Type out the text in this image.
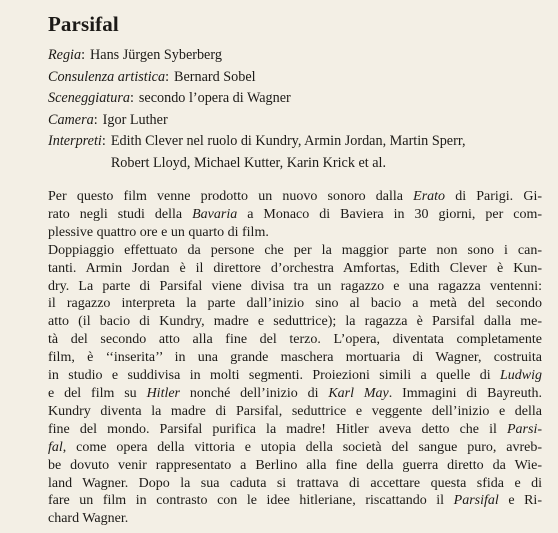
Parsifal
Regia : Hans Jürgen Syberberg
Consulenza artistica : Bernard Sobel
Sceneggiatura : secondo l’opera di Wagner
Camera : Igor Luther
Interpreti : Edith Clever nel ruolo di Kundry, Armin Jordan, Martin Sperr,
Robert Lloyd, Michael Kutter, Karin Krick et al.
Per questo film venne prodotto un nuovo sonoro dalla Erato di Parigi. Gi-
rato negli studi della Bavaria a Monaco di Baviera in 30 giorni, per com-
plessive quattro ore e un quarto di film.
Doppiaggio effettuato da persone che per la maggior parte non sono i can-
tanti. Armin Jordan è il direttore d’orchestra Amfortas, Edith Clever è Kun-
dry. La parte di Parsifal viene divisa tra un ragazzo e una ragazza ventenni:
il ragazzo interpreta la parte dall’inizio sino al bacio a metà del secondo
atto (il bacio di Kundry, madre e seduttrice); la ragazza è Parsifal dalla me-
tà del secondo atto alla fine del terzo. L’opera, diventata completamente
film, è ‘‘inserita’’ in una grande maschera mortuaria di Wagner, costruita
in studio e suddivisa in molti segmenti. Proiezioni simili a quelle di Ludwig
e del film su Hitler nonché dell’inizio di Karl May. Immagini di Bayreuth.
Kundry diventa la madre di Parsifal, seduttrice e veggente dell’inizio e della
fine del mondo. Parsifal purifica la madre! Hitler aveva detto che il Parsi-
fal, come opera della vittoria e utopia della società del sangue puro, avreb-
be dovuto venir rappresentato a Berlino alla fine della guerra diretto da Wie-
land Wagner. Dopo la sua caduta si trattava di accettare questa sfida e di
fare un film in contrasto con le idee hitleriane, riscattando il Parsifal e Ri-
chard Wagner.
